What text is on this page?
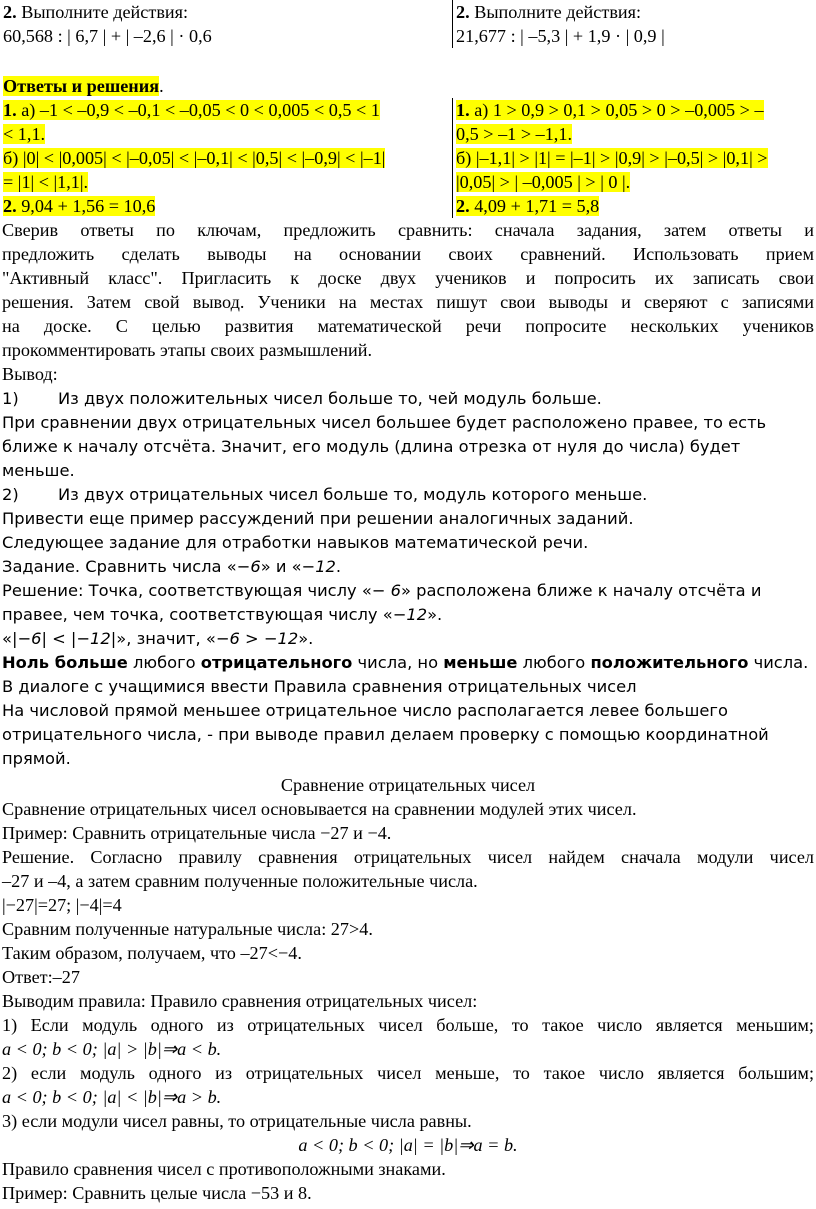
2. Выполните действия:
60,568 : | 6,7 | + | –2,6 | · 0,6

2. Выполните действия:
21,677 : | –5,3 | + 1,9 · | 0,9 |
Ответы и решения.
1. а) –1 < –0,9 < –0,1 < –0,05 < 0 < 0,005 < 0,5 < 1
< 1,1.
б) |0| < |0,005| < |–0,05| < |–0,1| < |0,5| < |–0,9| < |–1|
= |1| < |1,1|.
2. 9,04 + 1,56 = 10,6

1. а) 1 > 0,9 > 0,1 > 0,05 > 0 > –0,005 > –
0,5 > –1 > –1,1.
б) |–1,1| > |1| = |–1| > |0,9| > |–0,5| > |0,1| >
|0,05| > | –0,005 | > | 0 |.
2. 4,09 + 1,71 = 5,8
Сверив ответы по ключам, предложить сравнить: сначала задания, затем ответы и
предложить сделать выводы на основании своих сравнений. Использовать прием
"Активный класс". Пригласить к доске двух учеников и попросить их записать свои
решения. Затем свой вывод. Ученики на местах пишут свои выводы и сверяют с записями
на доске. С целью развития математической речи попросите нескольких учеников
прокомментировать этапы своих размышлений.
Вывод:
1) Из двух положительных чисел больше то, чей модуль больше.
При сравнении двух отрицательных чисел большее будет расположено правее, то есть
ближе к началу отсчёта. Значит, его модуль (длина отрезка от нуля до числа) будет
меньше.
2) Из двух отрицательных чисел больше то, модуль которого меньше.
Привести еще пример рассуждений при решении аналогичных заданий.
Следующее задание для отработки навыков математической речи.
Задание. Сравнить числа «−6» и «−12.
Решение: Точка, соответствующая числу «− 6» расположена ближе к началу отсчёта и
правее, чем точка, соответствующая числу «−12».
«|−6| < |−12|», значит, «−6 > −12».
Ноль больше любого отрицательного числа, но меньше любого положительного числа.
В диалоге с учащимися ввести Правила сравнения отрицательных чисел
На числовой прямой меньшее отрицательное число располагается левее большего
отрицательного числа, - при выводе правил делаем проверку с помощью координатной
прямой.
Сравнение отрицательных чисел
Сравнение отрицательных чисел основывается на сравнении модулей этих чисел.
Пример: Сравнить отрицательные числа −27 и −4.
Решение. Согласно правилу сравнения отрицательных чисел найдем сначала модули чисел
–27 и –4, а затем сравним полученные положительные числа.
|−27|=27; |−4|=4
Сравним полученные натуральные числа: 27>4.
Таким образом, получаем, что –27<−4.
Ответ:–27
Выводим правила: Правило сравнения отрицательных чисел:
1) Если модуль одного из отрицательных чисел больше, то такое число является меньшим;
a < 0; b < 0; |a| > |b|⇒a < b.
2) если модуль одного из отрицательных чисел меньше, то такое число является большим;
a < 0; b < 0; |a| < |b|⇒a > b.
3) если модули чисел равны, то отрицательные числа равны.
a < 0; b < 0; |a| = |b|⇒a = b.
Правило сравнения чисел с противоположными знаками.
Пример: Сравнить целые числа −53 и 8.
